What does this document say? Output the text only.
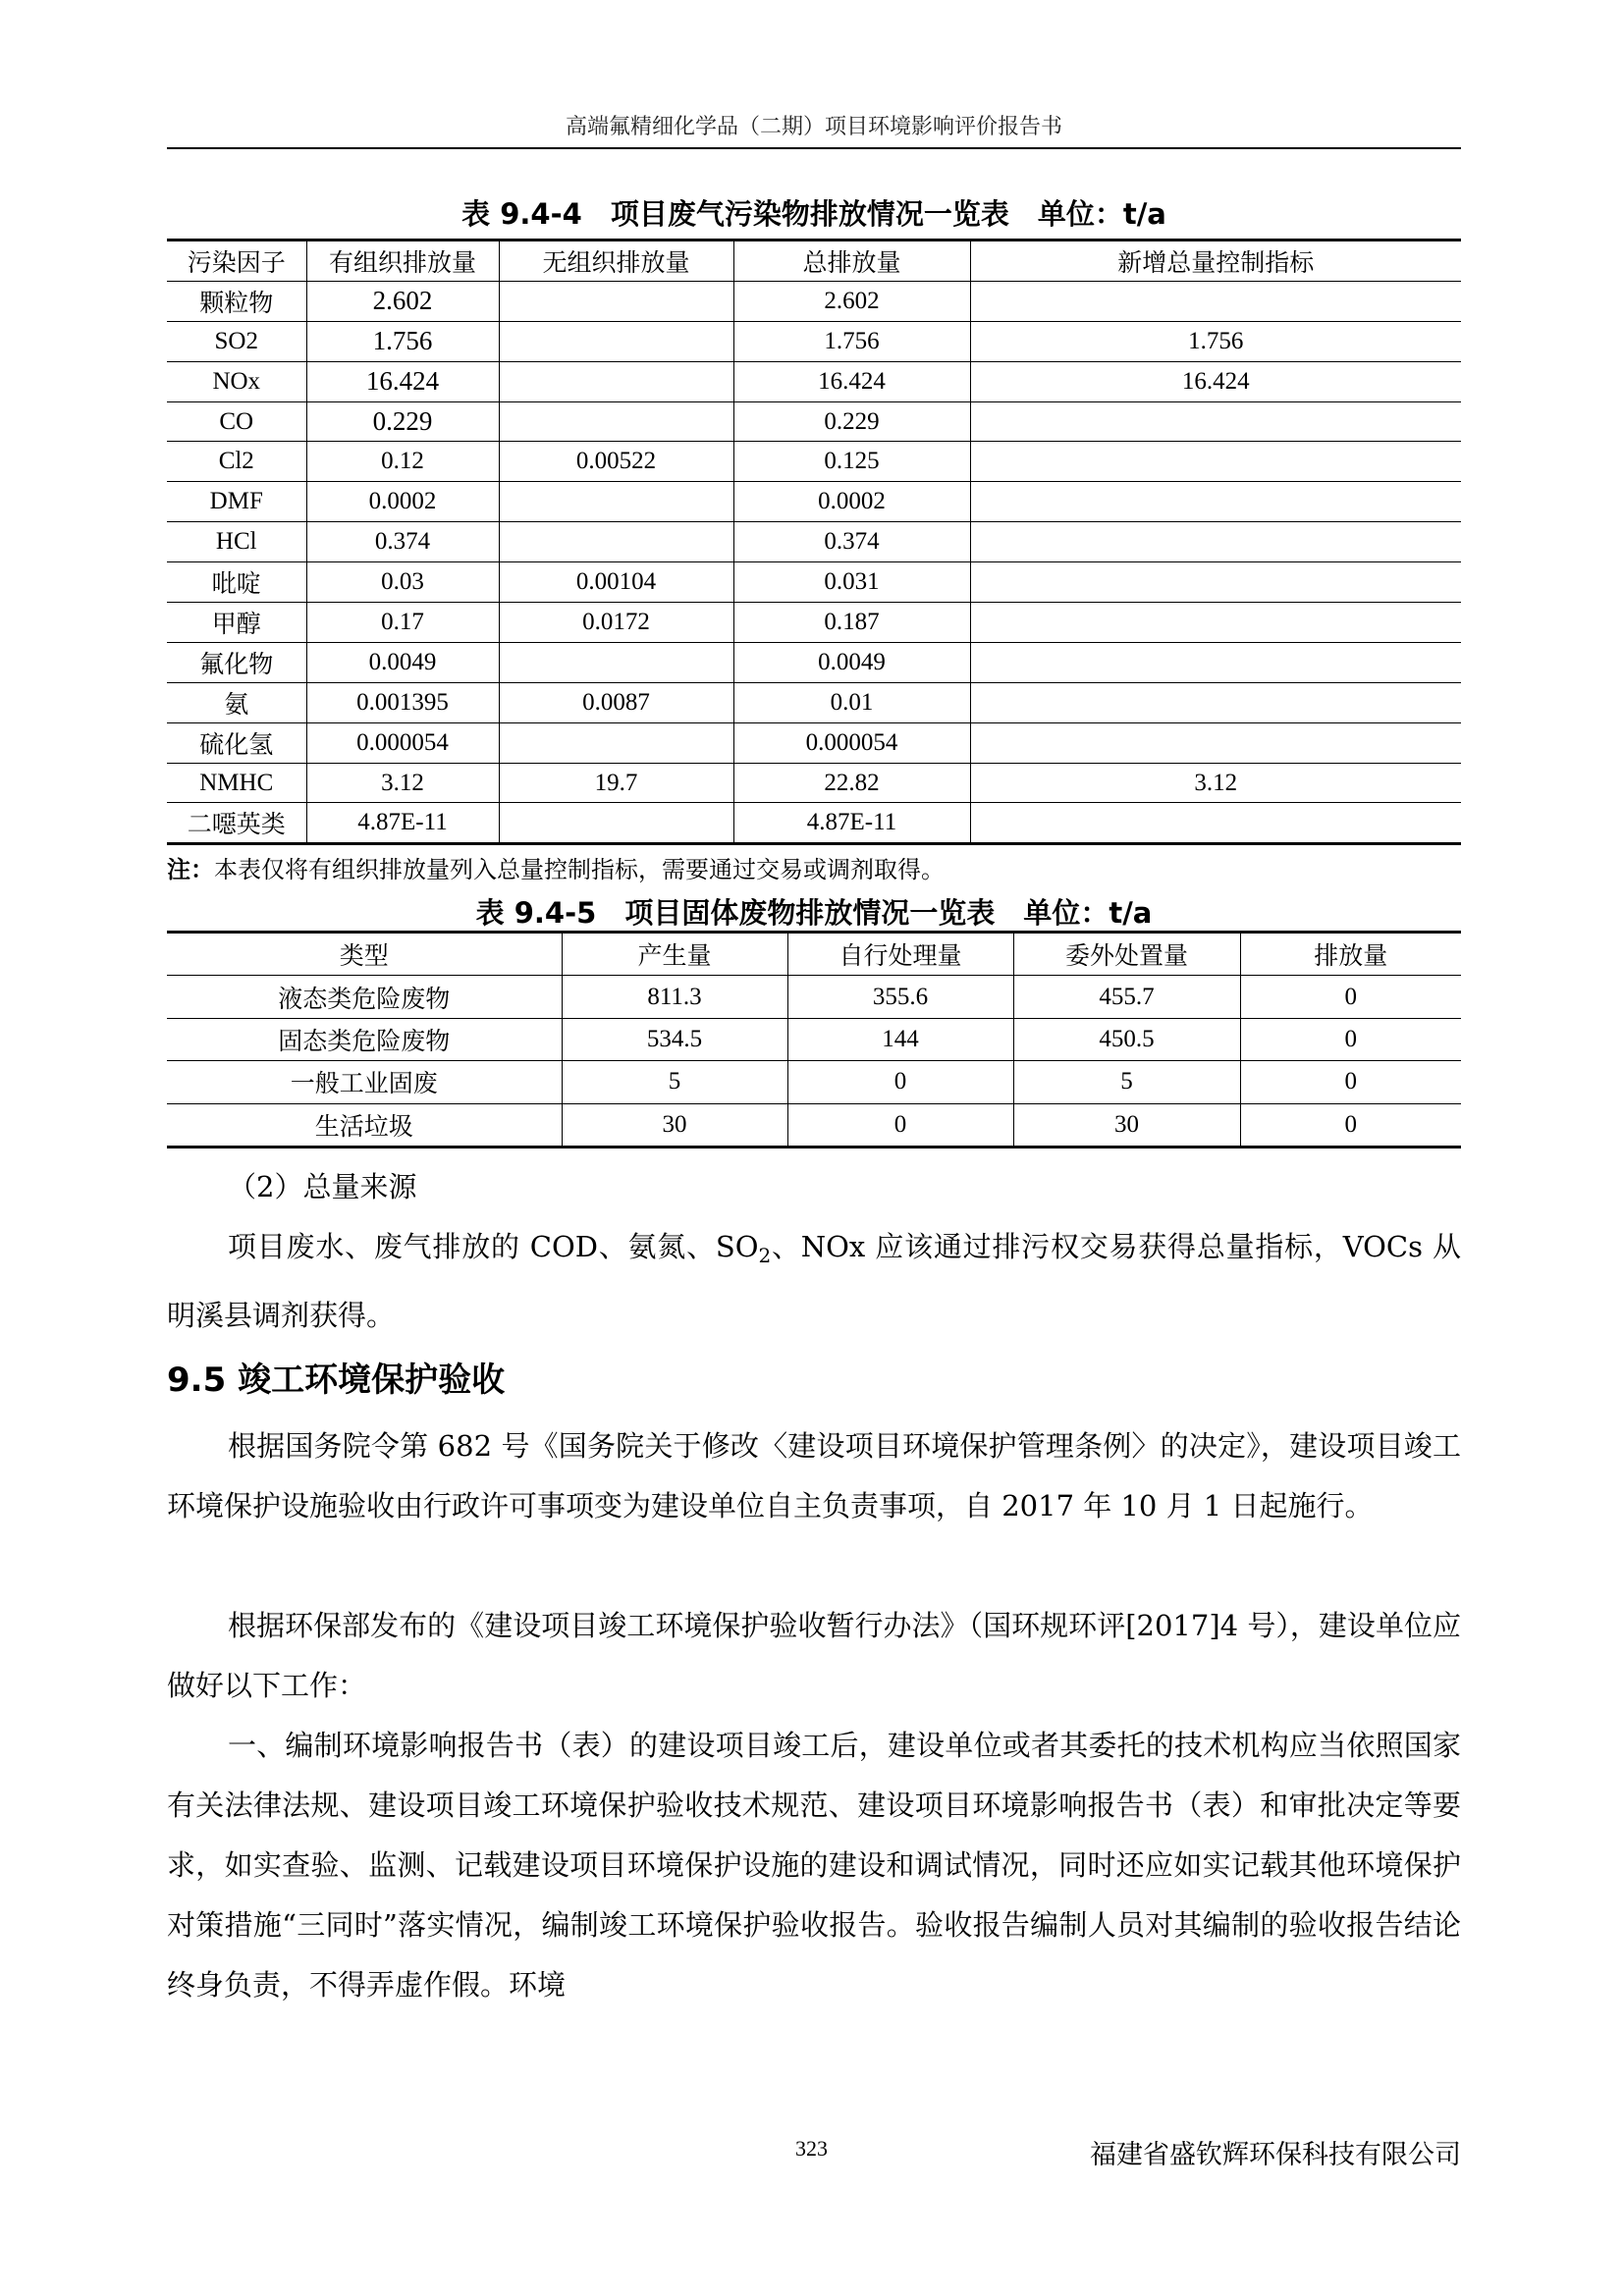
高端氟精细化学品（二期）项目环境影响评价报告书
表 9.4-4　项目废气污染物排放情况一览表　单位：t/a
污染因子	有组织排放量	无组织排放量	总排放量	新增总量控制指标
颗粒物	2.602		2.602	
SO2	1.756		1.756	1.756
NOx	16.424		16.424	16.424
CO	0.229		0.229	
Cl2	0.12	0.00522	0.125	
DMF	0.0002		0.0002	
HCl	0.374		0.374	
吡啶	0.03	0.00104	0.031	
甲醇	0.17	0.0172	0.187	
氟化物	0.0049		0.0049	
氨	0.001395	0.0087	0.01	
硫化氢	0.000054		0.000054	
NMHC	3.12	19.7	22.82	3.12
二噁英类	4.87E-11		4.87E-11	
注：本表仅将有组织排放量列入总量控制指标，需要通过交易或调剂取得。
表 9.4-5　项目固体废物排放情况一览表　单位：t/a
类型	产生量	自行处理量	委外处置量	排放量
液态类危险废物	811.3	355.6	455.7	0
固态类危险废物	534.5	144	450.5	0
一般工业固废	5	0	5	0
生活垃圾	30	0	30	0
（2）总量来源
项目废水、废气排放的 COD、氨氮、$SO_2$、NOx 应该通过排污权交易获得总量指标，VOCs 从明溪县调剂获得。
9.5 竣工环境保护验收
根据国务院令第 682 号《国务院关于修改〈建设项目环境保护管理条例〉的决定》，建设项目竣工环境保护设施验收由行政许可事项变为建设单位自主负责事项，自 2017 年 10 月 1 日起施行。
根据环保部发布的《建设项目竣工环境保护验收暂行办法》（国环规环评[2017]4 号），建设单位应做好以下工作：
一、编制环境影响报告书（表）的建设项目竣工后，建设单位或者其委托的技术机构应当依照国家有关法律法规、建设项目竣工环境保护验收技术规范、建设项目环境影响报告书（表）和审批决定等要求，如实查验、监测、记载建设项目环境保护设施的建设和调试情况，同时还应如实记载其他环境保护对策措施“三同时”落实情况，编制竣工环境保护验收报告。验收报告编制人员对其编制的验收报告结论终身负责，不得弄虚作假。环境
323	福建省盛钦辉环保科技有限公司
